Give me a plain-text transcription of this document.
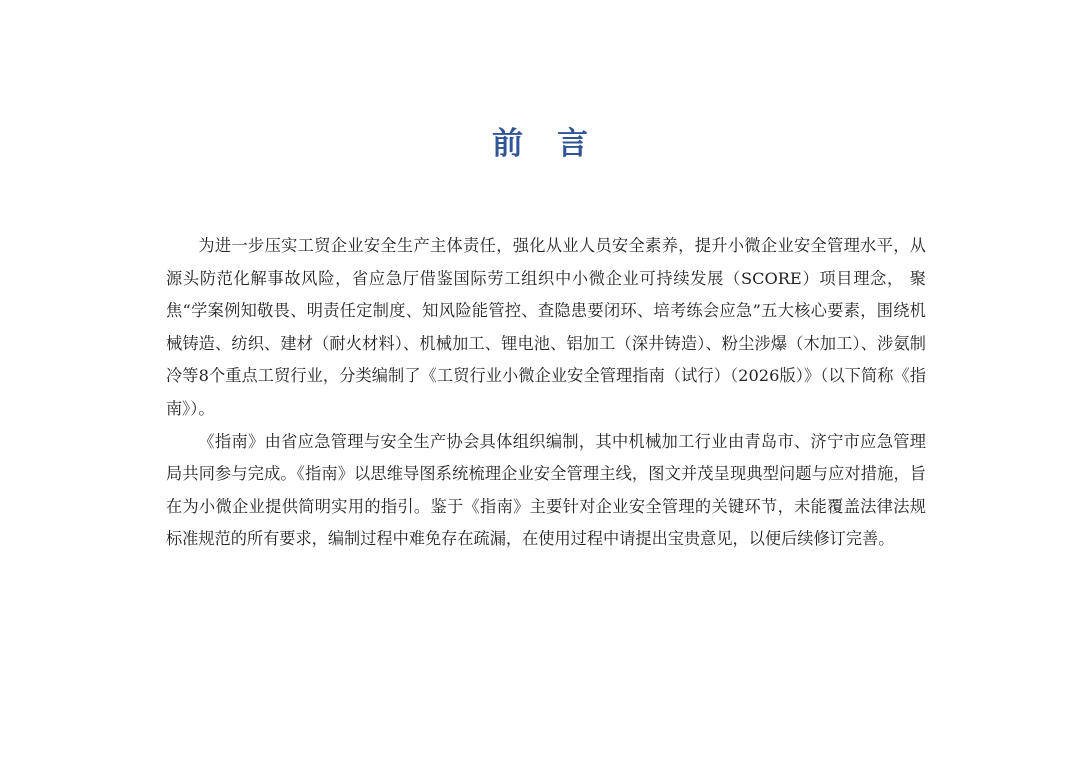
前言

为进一步压实工贸企业安全生产主体责任，强化从业人员安全素养，提升小微企业安全管理水平，从源头防范化解事故风险，省应急厅借鉴国际劳工组织中小微企业可持续发展（SCORE）项目理念， 聚焦“学案例知敬畏、明责任定制度、知风险能管控、查隐患要闭环、培考练会应急”五大核心要素，围绕机械铸造、纺织、建材（耐火材料）、机械加工、锂电池、铝加工（深井铸造）、粉尘涉爆（木加工）、涉氨制冷等8个重点工贸行业，分类编制了《工贸行业小微企业安全管理指南（试行）（2026版）》（以下简称《指南》）。

《指南》由省应急管理与安全生产协会具体组织编制，其中机械加工行业由青岛市、济宁市应急管理局共同参与完成。《指南》以思维导图系统梳理企业安全管理主线，图文并茂呈现典型问题与应对措施，旨在为小微企业提供简明实用的指引。鉴于《指南》主要针对企业安全管理的关键环节，未能覆盖法律法规标准规范的所有要求，编制过程中难免存在疏漏，在使用过程中请提出宝贵意见，以便后续修订完善。
